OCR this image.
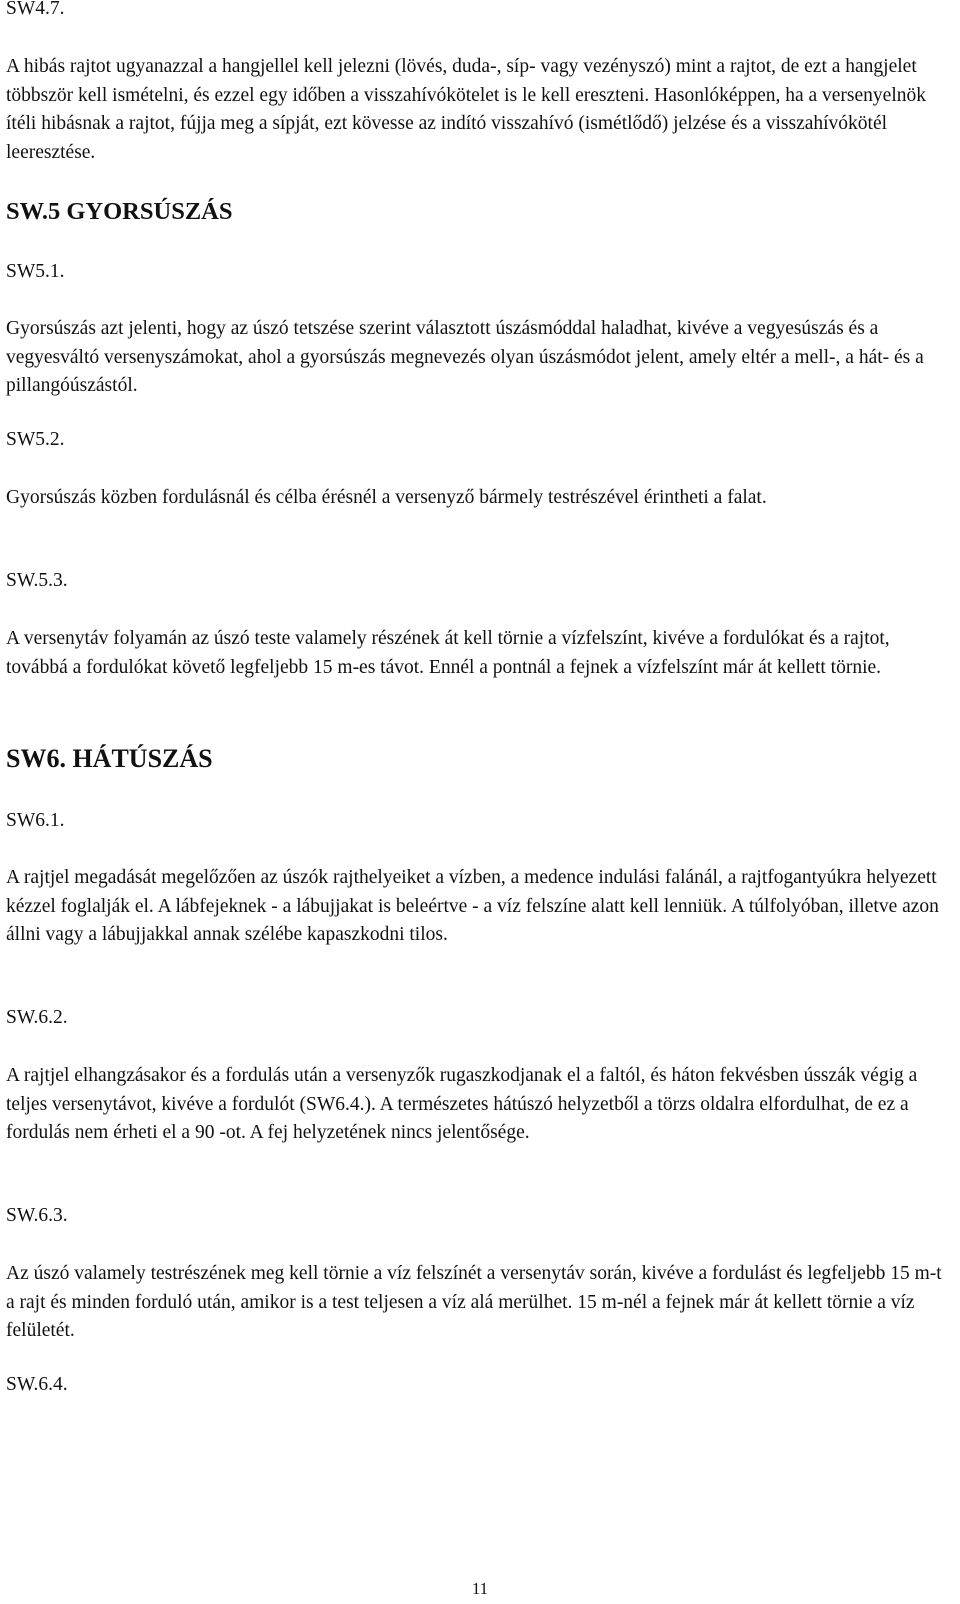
SW4.7.

A hibás rajtot ugyanazzal a hangjellel kell jelezni (lövés, duda-, síp- vagy vezényszó) mint a rajtot, de ezt a hangjelet többször kell ismételni, és ezzel egy időben a visszahívókötelet is le kell ereszteni. Hasonlóképpen, ha a versenyelnök ítéli hibásnak a rajtot, fújja meg a sípját, ezt kövesse az indító visszahívó (ismétlődő) jelzése és a visszahívókötél leeresztése.

SW.5 GYORSÚSZÁS

SW5.1.

Gyorsúszás azt jelenti, hogy az úszó tetszése szerint választott úszásmóddal haladhat, kivéve a vegyesúszás és a vegyesváltó versenyszámokat, ahol a gyorsúszás megnevezés olyan úszásmódot jelent, amely eltér a mell-, a hát- és a pillangóúszástól.

SW5.2.

Gyorsúszás közben fordulásnál és célba érésnél a versenyző bármely testrészével érintheti a falat.

SW.5.3.

A versenytáv folyamán az úszó teste valamely részének át kell törnie a vízfelszínt, kivéve a fordulókat és a rajtot, továbbá a fordulókat követő legfeljebb 15 m-es távot. Ennél a pontnál a fejnek a vízfelszínt már át kellett törnie.

SW6. HÁTÚSZÁS

SW6.1.

A rajtjel megadását megelőzően az úszók rajthelyeiket a vízben, a medence indulási falánál, a rajtfogantyúkra helyezett kézzel foglalják el. A lábfejeknek - a lábujjakat is beleértve - a víz felszíne alatt kell lenniük. A túlfolyóban, illetve azon állni vagy a lábujjakkal annak szélébe kapaszkodni tilos.

SW.6.2.

A rajtjel elhangzásakor és a fordulás után a versenyzők rugaszkodjanak el a faltól, és háton fekvésben ússzák végig a teljes versenytávot, kivéve a fordulót (SW6.4.). A természetes hátúszó helyzetből a törzs oldalra elfordulhat, de ez a fordulás nem érheti el a 90 -ot. A fej helyzetének nincs jelentősége.

SW.6.3.

Az úszó valamely testrészének meg kell törnie a víz felszínét a versenytáv során, kivéve a fordulást és legfeljebb 15 m-t a rajt és minden forduló után, amikor is a test teljesen a víz alá merülhet. 15 m-nél a fejnek már át kellett törnie a víz felületét.

SW.6.4.

11
